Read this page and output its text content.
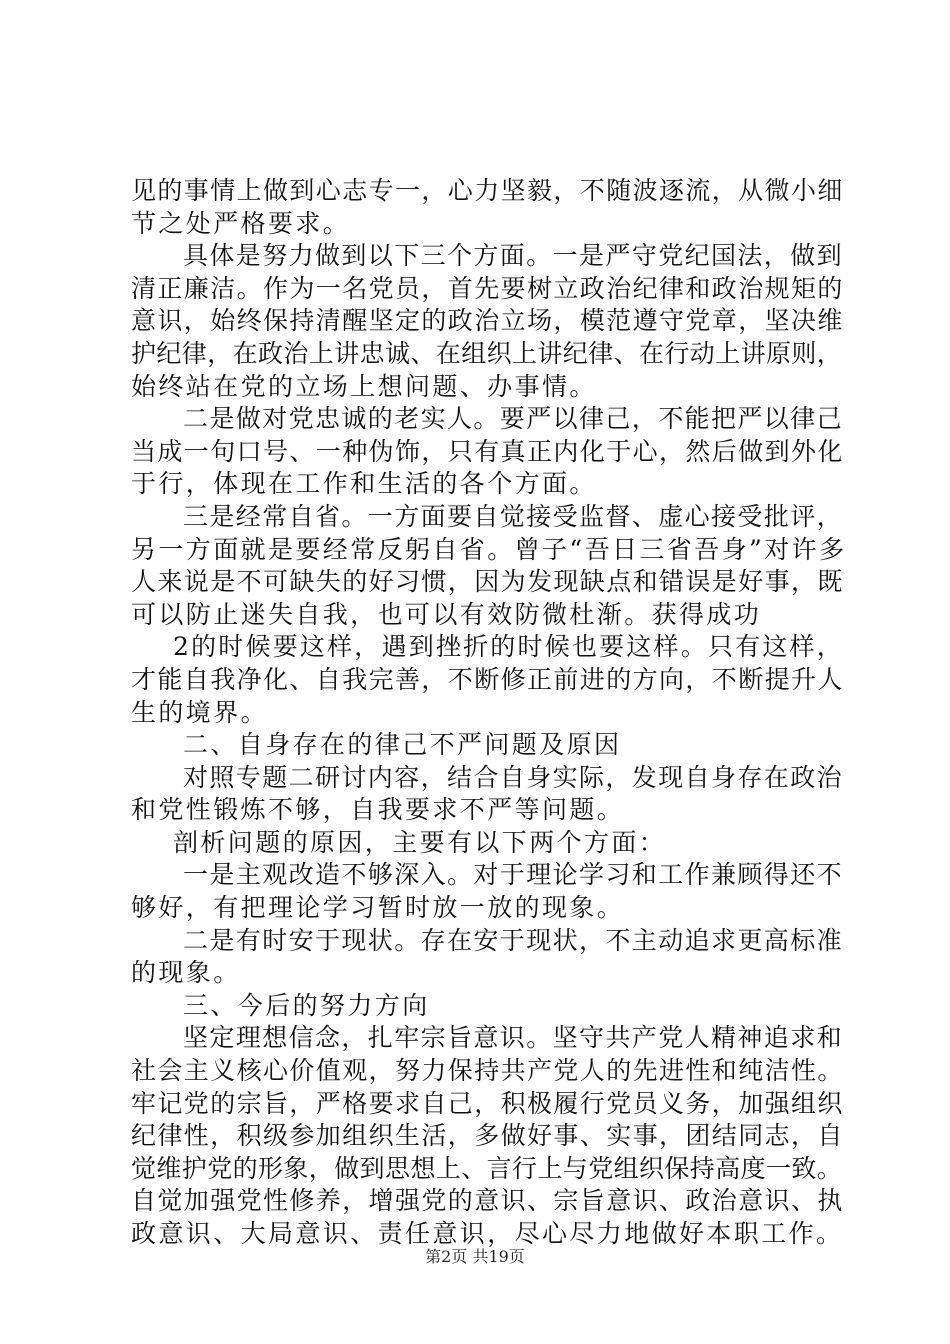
见的事情上做到心志专一，心力坚毅，不随波逐流，从微小细
节之处严格要求。
具体是努力做到以下三个方面。一是严守党纪国法，做到
清正廉洁。作为一名党员，首先要树立政治纪律和政治规矩的
意识，始终保持清醒坚定的政治立场，模范遵守党章，坚决维
护纪律，在政治上讲忠诚、在组织上讲纪律、在行动上讲原则，
始终站在党的立场上想问题、办事情。
二是做对党忠诚的老实人。要严以律己，不能把严以律己
当成一句口号、一种伪饰，只有真正内化于心，然后做到外化
于行，体现在工作和生活的各个方面。
三是经常自省。一方面要自觉接受监督、虚心接受批评，
另一方面就是要经常反躬自省。曾子“吾日三省吾身”对许多
人来说是不可缺失的好习惯，因为发现缺点和错误是好事，既
可以防止迷失自我，也可以有效防微杜渐。获得成功
2的时候要这样，遇到挫折的时候也要这样。只有这样，
才能自我净化、自我完善，不断修正前进的方向，不断提升人
生的境界。
二、自身存在的律己不严问题及原因
对照专题二研讨内容，结合自身实际，发现自身存在政治
和党性锻炼不够，自我要求不严等问题。
剖析问题的原因，主要有以下两个方面：
一是主观改造不够深入。对于理论学习和工作兼顾得还不
够好，有把理论学习暂时放一放的现象。
二是有时安于现状。存在安于现状，不主动追求更高标准
的现象。
三、今后的努力方向
坚定理想信念，扎牢宗旨意识。坚守共产党人精神追求和
社会主义核心价值观，努力保持共产党人的先进性和纯洁性。
牢记党的宗旨，严格要求自己，积极履行党员义务，加强组织
纪律性，积级参加组织生活，多做好事、实事，团结同志，自
觉维护党的形象，做到思想上、言行上与党组织保持高度一致。
自觉加强党性修养，增强党的意识、宗旨意识、政治意识、执
政意识、大局意识、责任意识，尽心尽力地做好本职工作。
第2页 共19页
